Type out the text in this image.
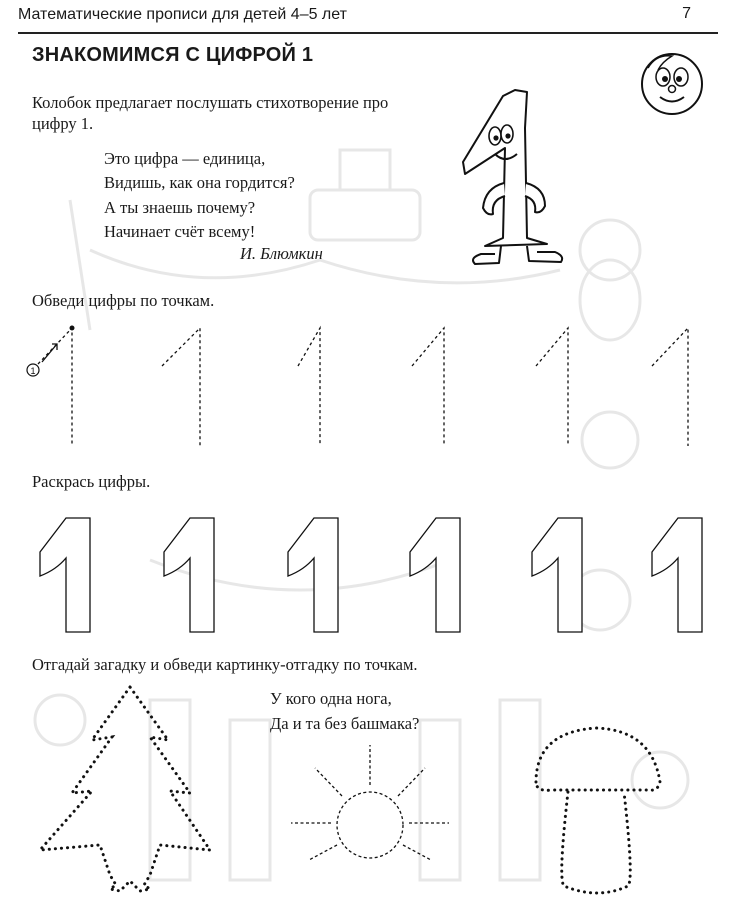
Математические прописи для детей 4–5 лет	7
ЗНАКОМИМСЯ С ЦИФРОЙ 1
Колобок предлагает послушать стихотворение про цифру 1.
Это цифра — единица,
Видишь, как она гордится?
А ты знаешь почему?
Начинает счёт всему!
И. Блюмкин
Обведи цифры по точкам.
1
Раскрась цифры.
Отгадай загадку и обведи картинку-отгадку по точкам.
У кого одна нога,
Да и та без башмака?
